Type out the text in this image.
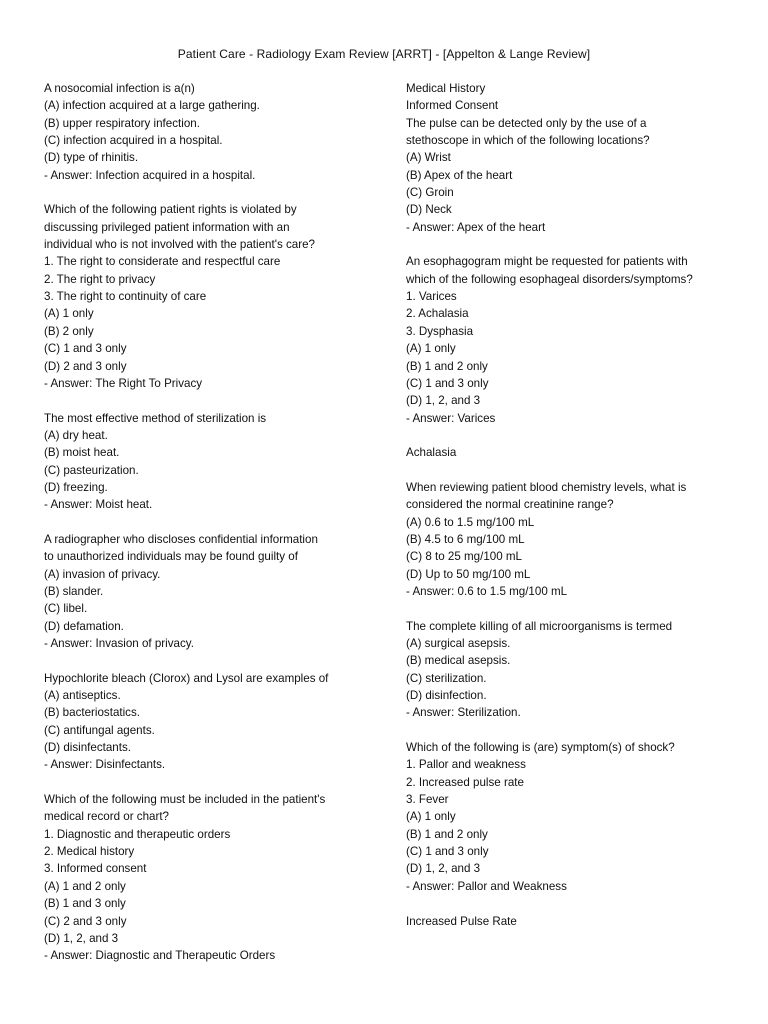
Patient Care - Radiology Exam Review [ARRT] - [Appelton & Lange Review]
A nosocomial infection is a(n)
(A) infection acquired at a large gathering.
(B) upper respiratory infection.
(C) infection acquired in a hospital.
(D) type of rhinitis.
- Answer: Infection acquired in a hospital.
Which of the following patient rights is violated by
discussing privileged patient information with an
individual who is not involved with the patient's care?
1. The right to considerate and respectful care
2. The right to privacy
3. The right to continuity of care
(A) 1 only
(B) 2 only
(C) 1 and 3 only
(D) 2 and 3 only
- Answer: The Right To Privacy
The most effective method of sterilization is
(A) dry heat.
(B) moist heat.
(C) pasteurization.
(D) freezing.
- Answer: Moist heat.
A radiographer who discloses confidential information
to unauthorized individuals may be found guilty of
(A) invasion of privacy.
(B) slander.
(C) libel.
(D) defamation.
- Answer: Invasion of privacy.
Hypochlorite bleach (Clorox) and Lysol are examples of
(A) antiseptics.
(B) bacteriostatics.
(C) antifungal agents.
(D) disinfectants.
- Answer: Disinfectants.
Which of the following must be included in the patient's
medical record or chart?
1. Diagnostic and therapeutic orders
2. Medical history
3. Informed consent
(A) 1 and 2 only
(B) 1 and 3 only
(C) 2 and 3 only
(D) 1, 2, and 3
- Answer: Diagnostic and Therapeutic Orders
Medical History
Informed Consent
The pulse can be detected only by the use of a
stethoscope in which of the following locations?
(A) Wrist
(B) Apex of the heart
(C) Groin
(D) Neck
- Answer: Apex of the heart
An esophagogram might be requested for patients with
which of the following esophageal disorders/symptoms?
1. Varices
2. Achalasia
3. Dysphasia
(A) 1 only
(B) 1 and 2 only
(C) 1 and 3 only
(D) 1, 2, and 3
- Answer: Varices
Achalasia
When reviewing patient blood chemistry levels, what is
considered the normal creatinine range?
(A) 0.6 to 1.5 mg/100 mL
(B) 4.5 to 6 mg/100 mL
(C) 8 to 25 mg/100 mL
(D) Up to 50 mg/100 mL
- Answer: 0.6 to 1.5 mg/100 mL
The complete killing of all microorganisms is termed
(A) surgical asepsis.
(B) medical asepsis.
(C) sterilization.
(D) disinfection.
- Answer: Sterilization.
Which of the following is (are) symptom(s) of shock?
1. Pallor and weakness
2. Increased pulse rate
3. Fever
(A) 1 only
(B) 1 and 2 only
(C) 1 and 3 only
(D) 1, 2, and 3
- Answer: Pallor and Weakness
Increased Pulse Rate
